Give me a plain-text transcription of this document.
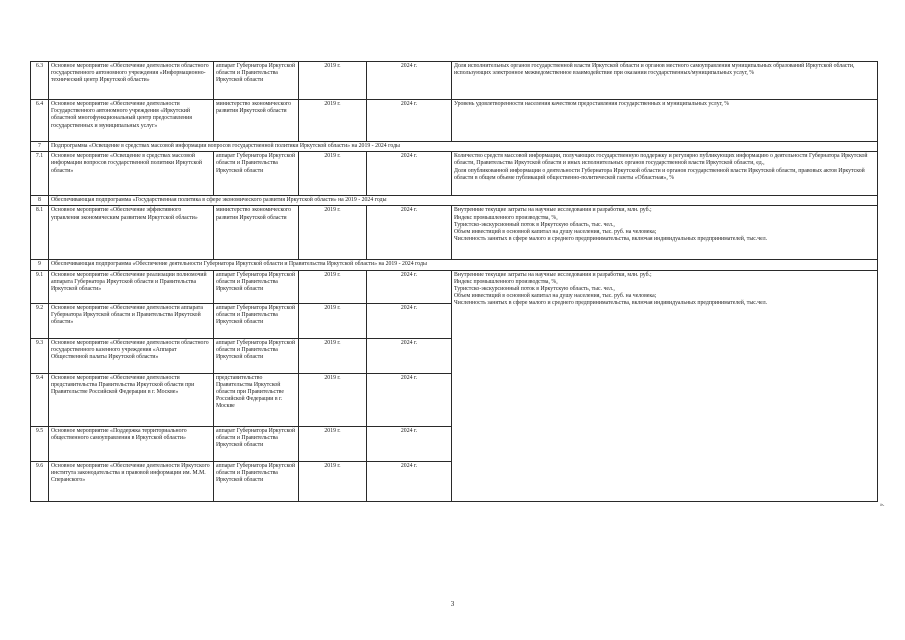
6.3	Основное мероприятие «Обеспечение деятельности областного государственного автономного учреждения «Информационно-технический центр Иркутской области»	аппарат Губернатора Иркутской области и Правительства Иркутской области	2019 г.	2024 г.	Доля исполнительных органов государственной власти Иркутской области и органов местного самоуправления муниципальных образований Иркутской области, использующих электронное межведомственное взаимодействие при оказании государственных/муниципальных услуг, %

6.4	Основное мероприятие «Обеспечение деятельности Государственного автономного учреждения «Иркутский областной многофункциональный центр предоставления государственных и муниципальных услуг»	министерство экономического развития Иркутской области	2019 г.	2024 г.	Уровень удовлетворенности населения качеством предоставления государственных и муниципальных услуг, %

7	Подпрограмма «Освещение в средствах массовой информации вопросов государственной политики Иркутской области» на 2019 - 2024 годы				
7.1	Основное мероприятие «Освещение в средствах массовой информации вопросов государственной политики Иркутской области»	аппарат Губернатора Иркутской области и Правительства Иркутской области	2019 г.	2024 г.	Количество средств массовой информации, получающих государственную поддержку и регулярно публикующих информацию о деятельности Губернатора Иркутской области, Правительства Иркутской области и иных исполнительных органов государственной власти Иркутской области, ед.,
Доля опубликованной информации о деятельности Губернатора Иркутской области и органов государственной власти Иркутской области, правовых актов Иркутской области в общем объеме публикаций общественно-политической газеты «Областная», %

8	Обеспечивающая подпрограмма «Государственная политика в сфере экономического развития Иркутской области» на 2019 - 2024 годы				
8.1	Основное мероприятие «Обеспечение эффективного управления экономическим развитием Иркутской области»	министерство экономического развития Иркутской области	2019 г.	2024 г.	Внутренние текущие затраты на научные исследования и разработки, млн. руб.;
Индекс промышленного производства, %,
Туристско-экскурсионный поток в Иркутскую область, тыс. чел.,
Объем инвестиций в основной капитал на душу населения, тыс. руб. на человека;
Численность занятых в сфере малого и среднего предпринимательства, включая индивидуальных предпринимателей, тыс.чел.

9	Обеспечивающая подпрограмма «Обеспечение деятельности Губернатора Иркутской области и Правительства Иркутской области» на 2019 - 2024 годы				
9.1	Основное мероприятие «Обеспечение реализации полномочий аппарата Губернатора Иркутской области и Правительства Иркутской области»	аппарат Губернатора Иркутской области и Правительства Иркутской области	2019 г.	2024 г.	Внутренние текущие затраты на научные исследования и разработки, млн. руб.;
Индекс промышленного производства, %,
Туристско-экскурсионный поток в Иркутскую область, тыс. чел.,
Объем инвестиций в основной капитал на душу населения, тыс. руб. на человека;
Численность занятых в сфере малого и среднего предпринимательства, включая индивидуальных предпринимателей, тыс.чел.

9.2	Основное мероприятие «Обеспечение деятельности аппарата Губернатора Иркутской области и Правительства Иркутской области»	аппарат Губернатора Иркутской области и Правительства Иркутской области	2019 г.	2024 г.	
9.3	Основное мероприятие «Обеспечение деятельности областного государственного казенного учреждения «Аппарат Общественной палаты Иркутской области»	аппарат Губернатора Иркутской области и Правительства Иркутской области	2019 г.	2024 г.	
9.4	Основное мероприятие «Обеспечение деятельности представительства Правительства Иркутской области при Правительстве Российской Федерации в г. Москве»	представительство Правительства Иркутской области при Правительстве Российской Федерации в г. Москве	2019 г.	2024 г.	
9.5	Основное мероприятие «Поддержка территориального общественного самоуправления в Иркутской области»	аппарат Губернатора Иркутской области и Правительства Иркутской области	2019 г.	2024 г.	
9.6	Основное мероприятие «Обеспечение деятельности Иркутского института законодательства и правовой информации им. М.М. Сперанского»	аппарат Губернатора Иркутской области и Правительства Иркутской области	2019 г.	2024 г.	
».
3
